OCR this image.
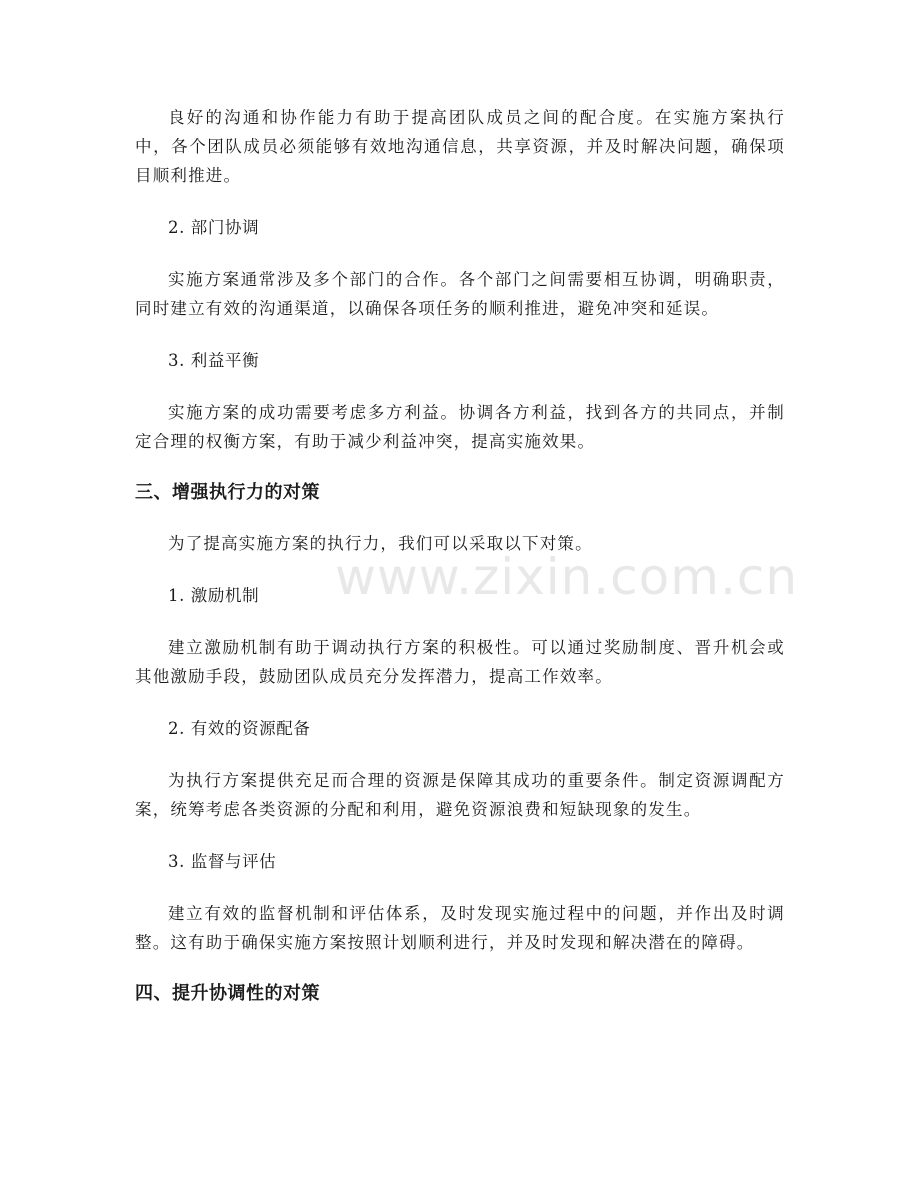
www.zixin.com.cn

良好的沟通和协作能力有助于提高团队成员之间的配合度。在实施方案执行中，各个团队成员必须能够有效地沟通信息，共享资源，并及时解决问题，确保项目顺利推进。

2. 部门协调

实施方案通常涉及多个部门的合作。各个部门之间需要相互协调，明确职责，同时建立有效的沟通渠道，以确保各项任务的顺利推进，避免冲突和延误。

3. 利益平衡

实施方案的成功需要考虑多方利益。协调各方利益，找到各方的共同点，并制定合理的权衡方案，有助于减少利益冲突，提高实施效果。

三、增强执行力的对策

为了提高实施方案的执行力，我们可以采取以下对策。

1. 激励机制

建立激励机制有助于调动执行方案的积极性。可以通过奖励制度、晋升机会或其他激励手段，鼓励团队成员充分发挥潜力，提高工作效率。

2. 有效的资源配备

为执行方案提供充足而合理的资源是保障其成功的重要条件。制定资源调配方案，统筹考虑各类资源的分配和利用，避免资源浪费和短缺现象的发生。

3. 监督与评估

建立有效的监督机制和评估体系，及时发现实施过程中的问题，并作出及时调整。这有助于确保实施方案按照计划顺利进行，并及时发现和解决潜在的障碍。

四、提升协调性的对策
